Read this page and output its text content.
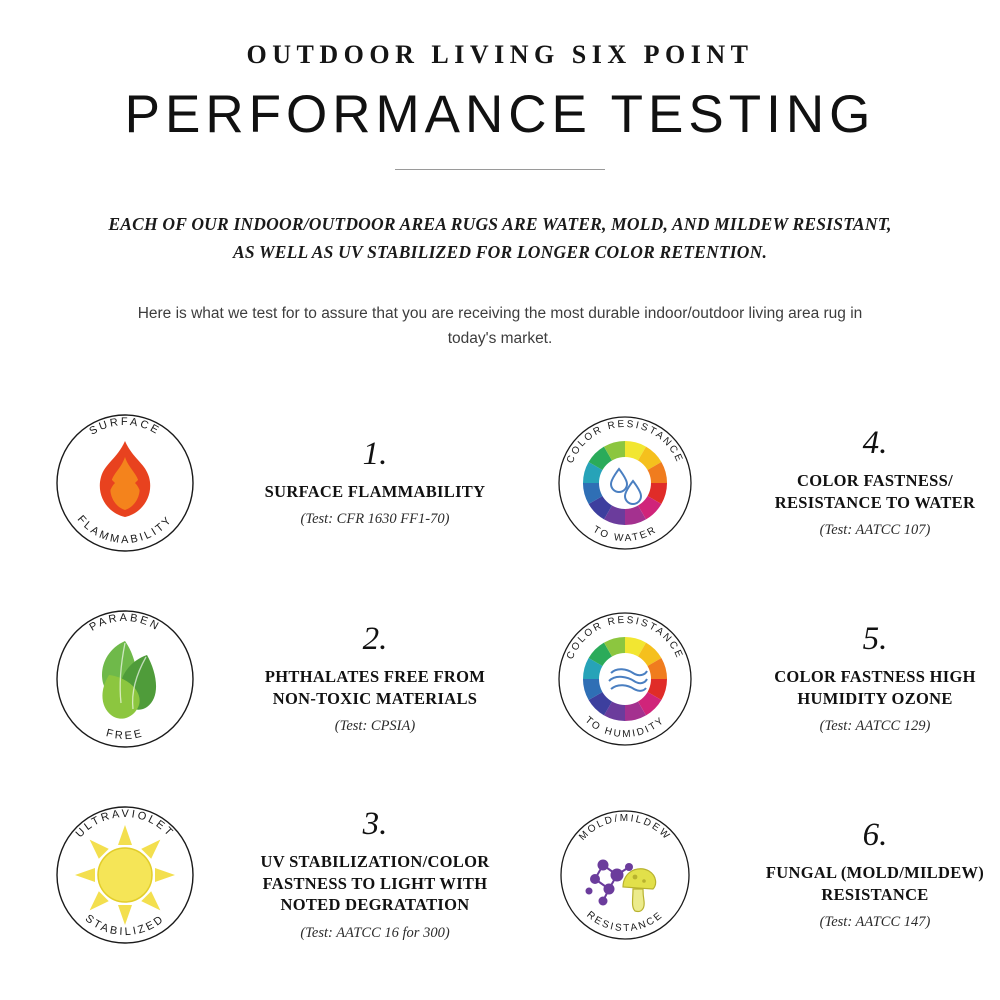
OUTDOOR LIVING SIX POINT
PERFORMANCE TESTING
EACH OF OUR INDOOR/OUTDOOR AREA RUGS ARE WATER, MOLD, AND MILDEW RESISTANT, AS WELL AS UV STABILIZED FOR LONGER COLOR RETENTION.
Here is what we test for to assure that you are receiving the most durable indoor/outdoor living area rug in today's market.
SURFACE
FLAMMABILITY
1.
SURFACE FLAMMABILITY
(Test: CFR 1630 FF1-70)
COLOR RESISTANCE
TO WATER
4.
COLOR FASTNESS/ RESISTANCE TO WATER
(Test: AATCC 107)
PARABEN
FREE
2.
PHTHALATES FREE FROM NON-TOXIC MATERIALS
(Test: CPSIA)
COLOR RESISTANCE
TO HUMIDITY
5.
COLOR FASTNESS HIGH HUMIDITY OZONE
(Test: AATCC 129)
ULTRAVIOLET
STABILIZED
3.
UV STABILIZATION/COLOR FASTNESS TO LIGHT WITH NOTED DEGRATATION
(Test: AATCC 16 for 300)
MOLD/MILDEW
RESISTANCE
6.
FUNGAL (MOLD/MILDEW) RESISTANCE
(Test: AATCC 147)
